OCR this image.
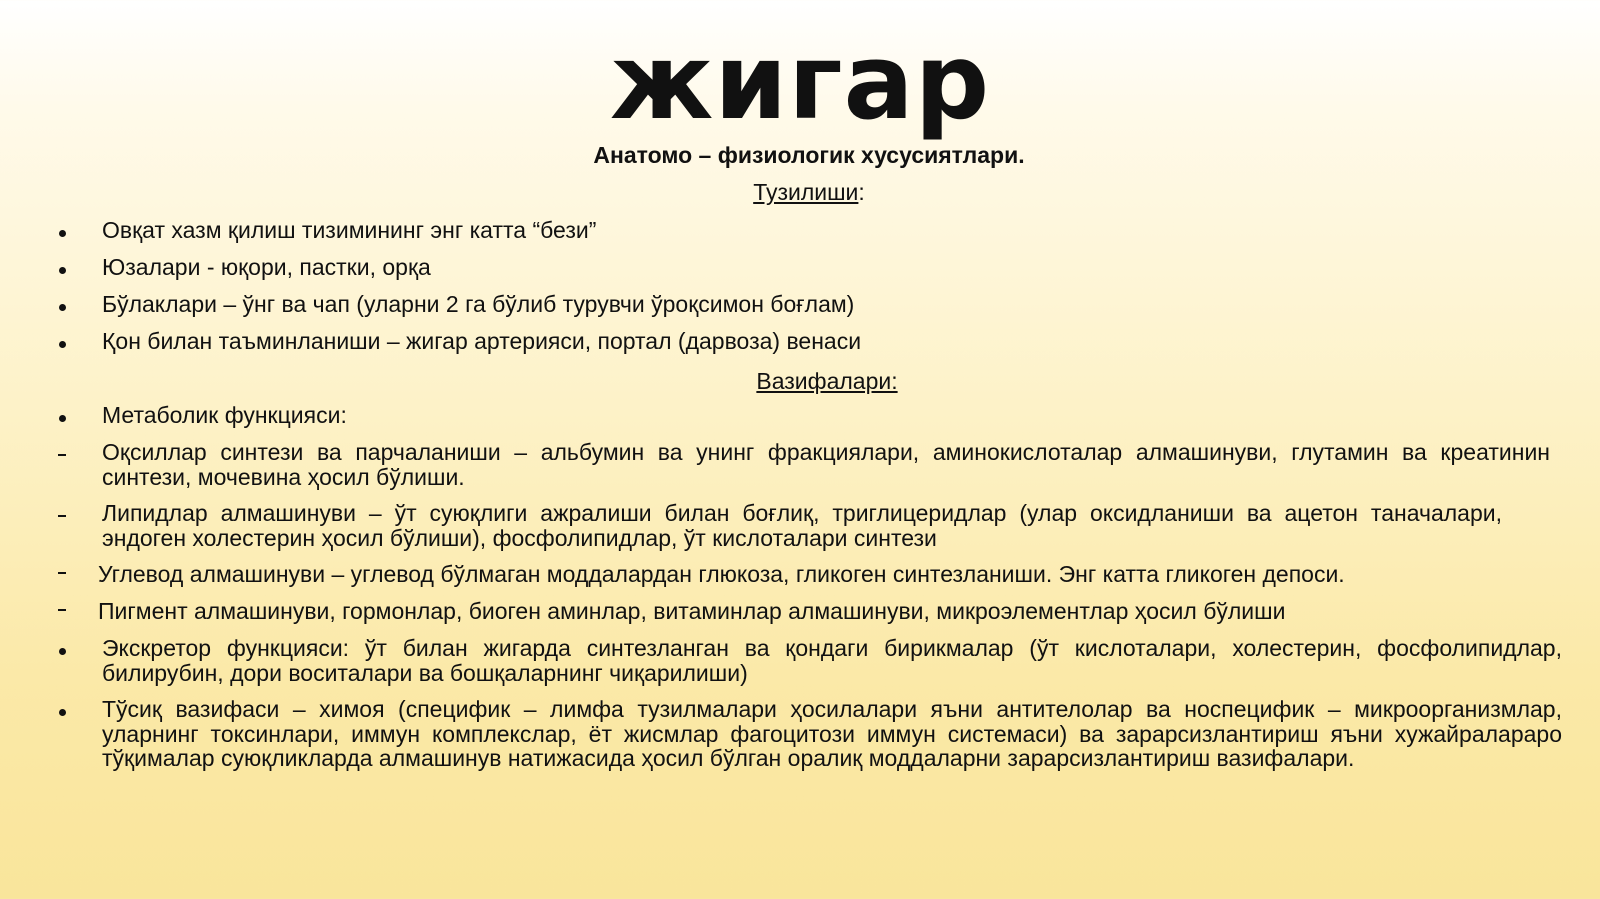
жигар

Анатомо – физиологик хусусиятлари.

Тузилиши:

Овқат хазм қилиш тизимининг энг катта “бези”
Юзалари - юқори, пастки, орқа
Бўлаклари – ўнг ва чап (уларни 2 га бўлиб турувчи ўроқсимон боғлам)
Қон билан таъминланиши – жигар артерияси, портал (дарвоза) венаси

Вазифалари:

Метаболик функцияси:
Оқсиллар синтези ва парчаланиши – альбумин ва унинг фракциялари, аминокислоталар алмашинуви, глутамин ва креатинин синтези, мочевина ҳосил бўлиши.
Липидлар алмашинуви – ўт суюқлиги ажралиши билан боғлиқ, триглицеридлар (улар оксидланиши ва ацетон таначалари, эндоген холестерин ҳосил бўлиши), фосфолипидлар, ўт кислоталари синтези
Углевод алмашинуви – углевод бўлмаган моддалардан глюкоза, гликоген синтезланиши. Энг катта гликоген депоси.
Пигмент алмашинуви, гормонлар, биоген аминлар, витаминлар алмашинуви, микроэлементлар ҳосил бўлиши
Экскретор функцияси: ўт билан жигарда синтезланган ва қондаги бирикмалар (ўт кислоталари, холестерин, фосфолипидлар, билирубин, дори воситалари ва бошқаларнинг чиқарилиши)
Тўсиқ вазифаси – химоя (специфик – лимфа тузилмалари ҳосилалари яъни антителолар ва носпецифик – микроорганизмлар, уларнинг токсинлари, иммун комплекслар, ёт жисмлар фагоцитози иммун системаси) ва зарарсизлантириш яъни хужайралараро тўқималар суюқликларда алмашинув натижасида ҳосил бўлган оралиқ моддаларни зарарсизлантириш вазифалари.
